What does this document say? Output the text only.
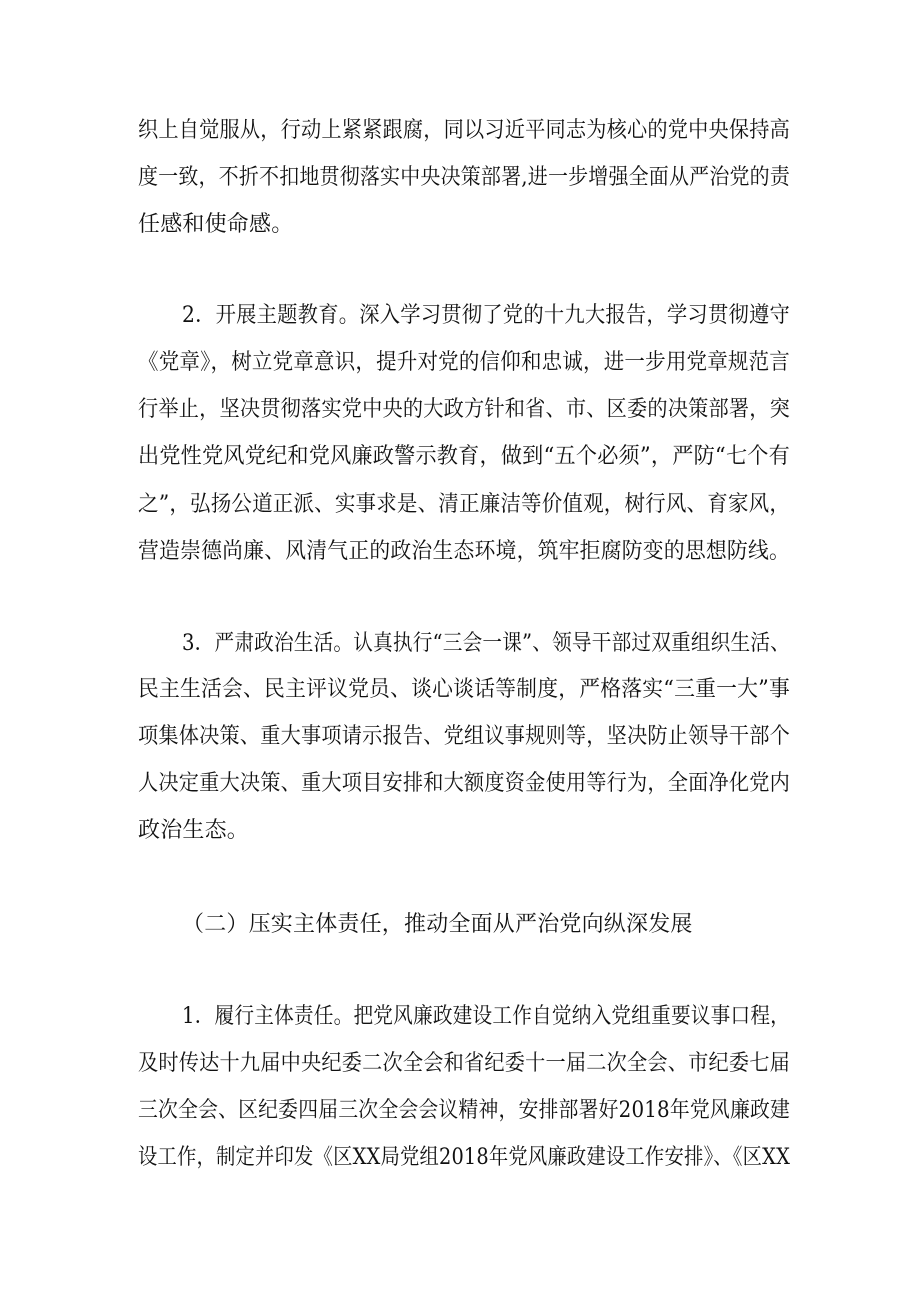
织上自觉服从，行动上紧紧跟腐，同以习近平同志为核心的党中央保持高
度一致，不折不扣地贯彻落实中央决策部署,进一步增强全面从严治党的责
任感和使命感。
2．开展主题教育。深入学习贯彻了党的十九大报告，学习贯彻遵守
《党章》，树立党章意识，提升对党的信仰和忠诚，进一步用党章规范言
行举止，坚决贯彻落实党中央的大政方针和省、市、区委的决策部署，突
出党性党风党纪和党风廉政警示教育，做到“五个必须”，严防“七个有
之”，弘扬公道正派、实事求是、清正廉洁等价值观，树行风、育家风，
营造崇德尚廉、风清气正的政治生态环境，筑牢拒腐防变的思想防线。
3．严肃政治生活。认真执行“三会一课”、领导干部过双重组织生活、
民主生活会、民主评议党员、谈心谈话等制度，严格落实“三重一大”事
项集体决策、重大事项请示报告、党组议事规则等，坚决防止领导干部个
人决定重大决策、重大项目安排和大额度资金使用等行为，全面净化党内
政治生态。
（二）压实主体责任，推动全面从严治党向纵深发展
1．履行主体责任。把党风廉政建设工作自觉纳入党组重要议事口程，
及时传达十九届中央纪委二次全会和省纪委十一届二次全会、市纪委七届
三次全会、区纪委四届三次全会会议精神，安排部署好2018年党风廉政建
设工作，制定并印发《区XX局党组2018年党风廉政建设工作安排》、《区XX
